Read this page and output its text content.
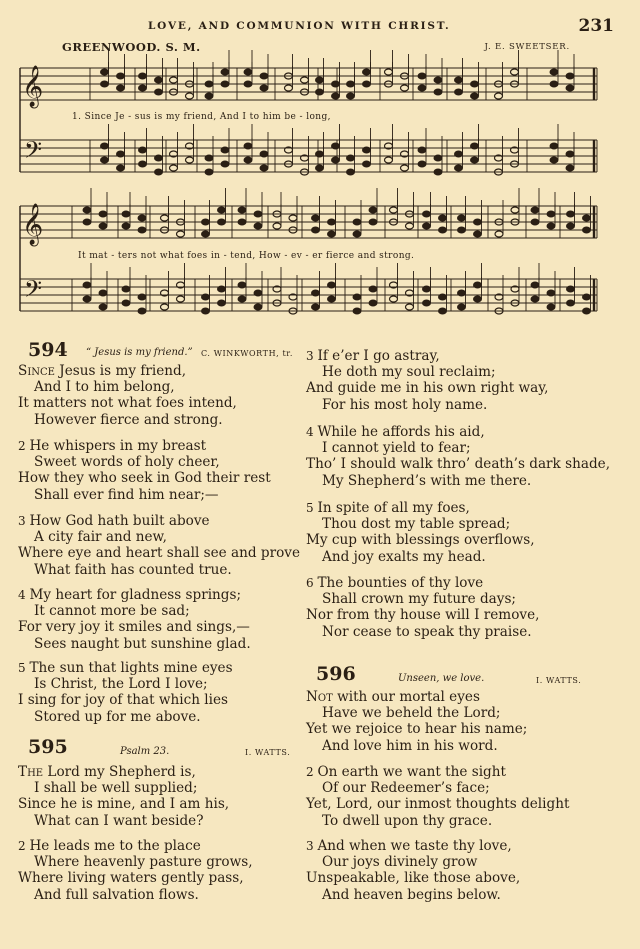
LOVE, AND COMMUNION WITH CHRIST.	231
GREENWOOD. S. M.	J. E. SWEETSER.
𝄞
𝄢
𝄞
𝄢
1. Since Je - sus is my friend, And I to him be - long,
It mat - ters not what foes in - tend, How - ev - er fierce and strong.
594 “ Jesus is my friend.” C. WINKWORTH, tr.
595	Psalm 23.	I. WATTS.
596	Unseen, we love.	I. WATTS.
Since Jesus is my friend,
And I to him belong,
It matters not what foes intend,
However fierce and strong.
2 He whispers in my breast
Sweet words of holy cheer,
How they who seek in God their rest
Shall ever find him near;—
3 How God hath built above
A city fair and new,
Where eye and heart shall see and prove
What faith has counted true.
4 My heart for gladness springs;
It cannot more be sad;
For very joy it smiles and sings,—
Sees naught but sunshine glad.
5 The sun that lights mine eyes
Is Christ, the Lord I love;
I sing for joy of that which lies
Stored up for me above.
3 If e’er I go astray,
He doth my soul reclaim;
And guide me in his own right way,
For his most holy name.
4 While he affords his aid,
I cannot yield to fear;
Tho’ I should walk thro’ death’s dark shade,
My Shepherd’s with me there.
5 In spite of all my foes,
Thou dost my table spread;
My cup with blessings overflows,
And joy exalts my head.
6 The bounties of thy love
Shall crown my future days;
Nor from thy house will I remove,
Nor cease to speak thy praise.
The Lord my Shepherd is,
I shall be well supplied;
Since he is mine, and I am his,
What can I want beside?
2 He leads me to the place
Where heavenly pasture grows,
Where living waters gently pass,
And full salvation flows.
Not with our mortal eyes
Have we beheld the Lord;
Yet we rejoice to hear his name;
And love him in his word.
2 On earth we want the sight
Of our Redeemer’s face;
Yet, Lord, our inmost thoughts delight
To dwell upon thy grace.
3 And when we taste thy love,
Our joys divinely grow
Unspeakable, like those above,
And heaven begins below.
